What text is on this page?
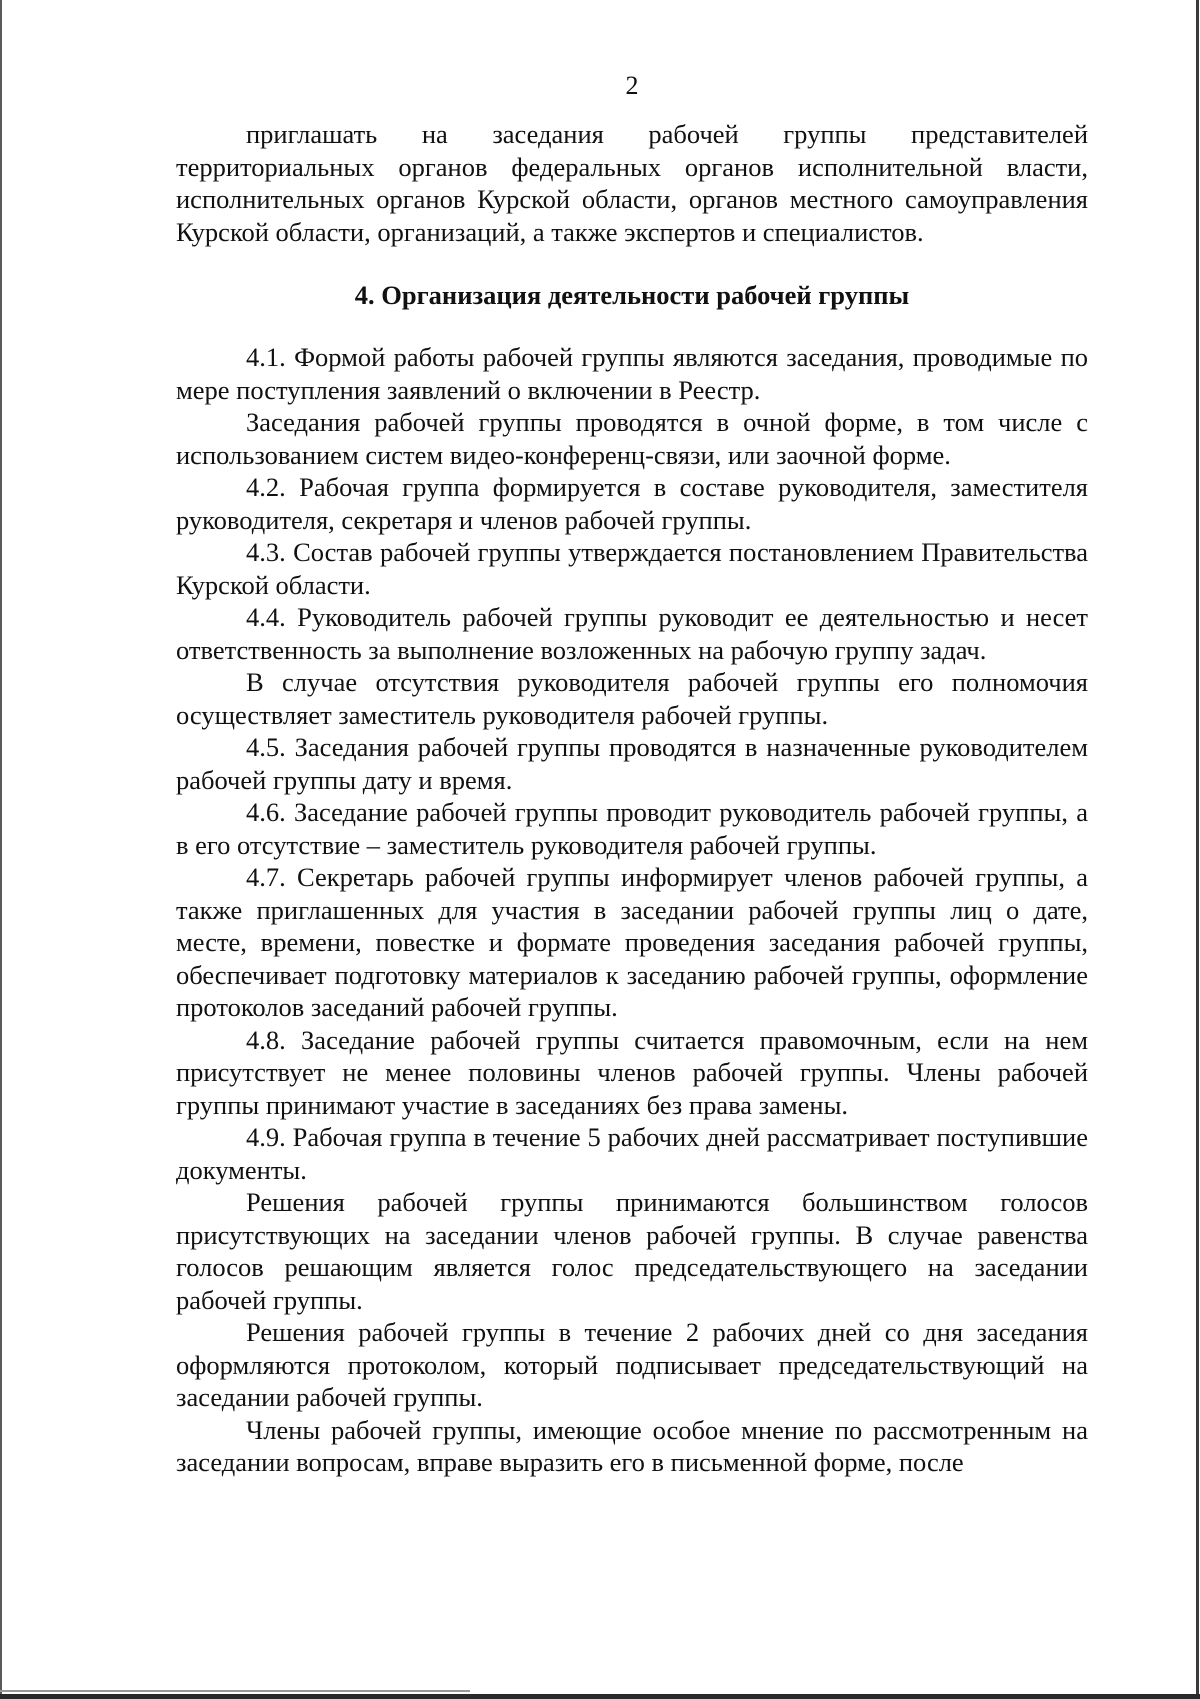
2

приглашать на заседания рабочей группы представителей территориальных органов федеральных органов исполнительной власти, исполнительных органов Курской области, органов местного самоуправления Курской области, организаций, а также экспертов и специалистов.

4. Организация деятельности рабочей группы

4.1. Формой работы рабочей группы являются заседания, проводимые по мере поступления заявлений о включении в Реестр.

Заседания рабочей группы проводятся в очной форме, в том числе с использованием систем видео-конференц-связи, или заочной форме.

4.2. Рабочая группа формируется в составе руководителя, заместителя руководителя, секретаря и членов рабочей группы.

4.3. Состав рабочей группы утверждается постановлением Правительства Курской области.

4.4. Руководитель рабочей группы руководит ее деятельностью и несет ответственность за выполнение возложенных на рабочую группу задач.

В случае отсутствия руководителя рабочей группы его полномочия осуществляет заместитель руководителя рабочей группы.

4.5. Заседания рабочей группы проводятся в назначенные руководителем рабочей группы дату и время.

4.6. Заседание рабочей группы проводит руководитель рабочей группы, а в его отсутствие – заместитель руководителя рабочей группы.

4.7. Секретарь рабочей группы информирует членов рабочей группы, а также приглашенных для участия в заседании рабочей группы лиц о дате, месте, времени, повестке и формате проведения заседания рабочей группы, обеспечивает подготовку материалов к заседанию рабочей группы, оформление протоколов заседаний рабочей группы.

4.8. Заседание рабочей группы считается правомочным, если на нем присутствует не менее половины членов рабочей группы. Члены рабочей группы принимают участие в заседаниях без права замены.

4.9. Рабочая группа в течение 5 рабочих дней рассматривает поступившие документы.

Решения рабочей группы принимаются большинством голосов присутствующих на заседании членов рабочей группы. В случае равенства голосов решающим является голос председательствующего на заседании рабочей группы.

Решения рабочей группы в течение 2 рабочих дней со дня заседания оформляются протоколом, который подписывает председательствующий на заседании рабочей группы.

Члены рабочей группы, имеющие особое мнение по рассмотренным на заседании вопросам, вправе выразить его в письменной форме, после
